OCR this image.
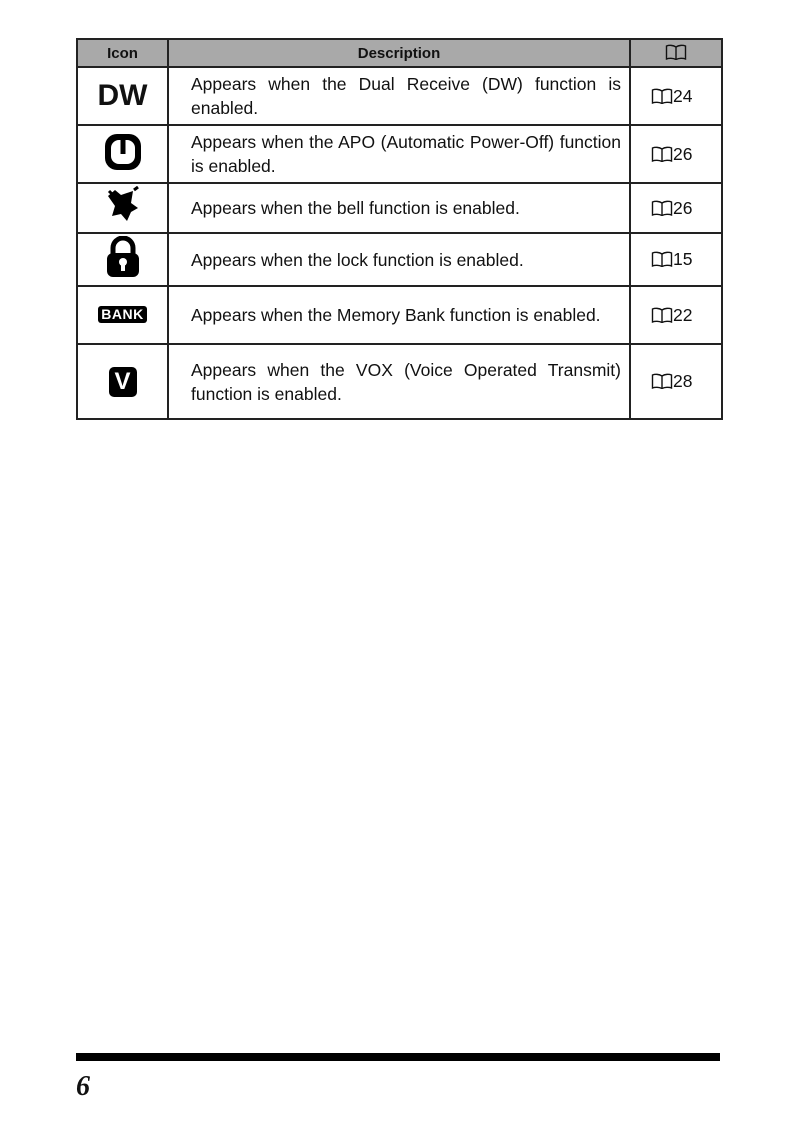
Icon	Description	
DW	Appears when the Dual Receive (DW) function is enabled.	24
	Appears when the APO (Automatic Power-Off) function is enabled.	26
	Appears when the bell function is enabled.	26
	Appears when the lock function is enabled.	15
BANK	Appears when the Memory Bank function is enabled.	22
V	Appears when the VOX (Voice Operated Transmit) function is enabled.	28
6
